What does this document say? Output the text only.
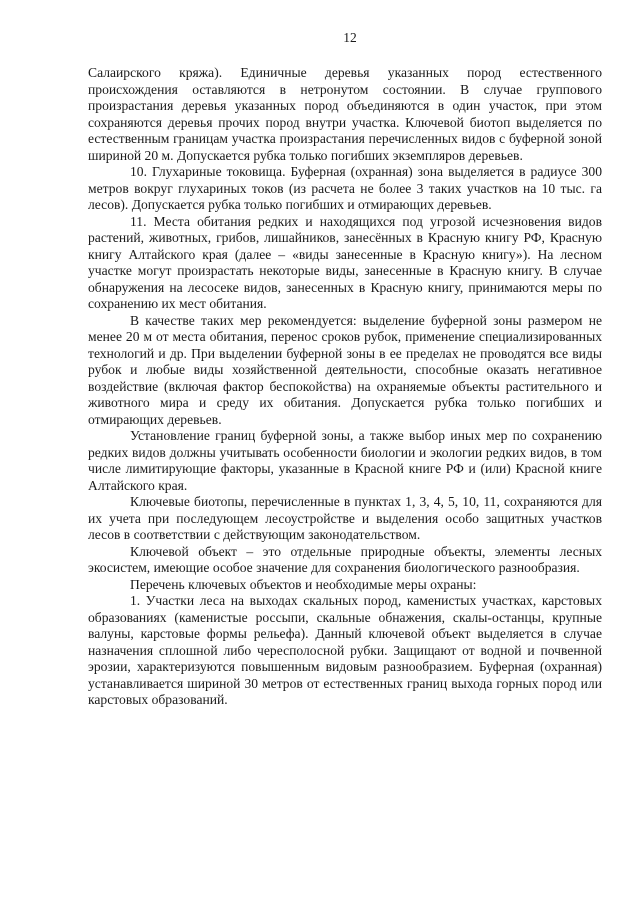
12

Салаирского кряжа). Единичные деревья указанных пород естественного происхождения оставляются в нетронутом состоянии. В случае группового произрастания деревья указанных пород объединяются в один участок, при этом сохраняются деревья прочих пород внутри участка. Ключевой биотоп выделяется по естественным границам участка произрастания перечисленных видов с буферной зоной шириной 20 м. Допускается рубка только погибших экземпляров деревьев.

10. Глухариные токовища. Буферная (охранная) зона выделяется в радиусе 300 метров вокруг глухариных токов (из расчета не более 3 таких участков на 10 тыс. га лесов). Допускается рубка только погибших и отмирающих деревьев.

11. Места обитания редких и находящихся под угрозой исчезновения видов растений, животных, грибов, лишайников, занесённых в Красную книгу РФ, Красную книгу Алтайского края (далее – «виды занесенные в Красную книгу»). На лесном участке могут произрастать некоторые виды, занесенные в Красную книгу. В случае обнаружения на лесосеке видов, занесенных в Красную книгу, принимаются меры по сохранению их мест обитания.

В качестве таких мер рекомендуется: выделение буферной зоны размером не менее 20 м от места обитания, перенос сроков рубок, применение специализированных технологий и др. При выделении буферной зоны в ее пределах не проводятся все виды рубок и любые виды хозяйственной деятельности, способные оказать негативное воздействие (включая фактор беспокойства) на охраняемые объекты растительного и животного мира и среду их обитания. Допускается рубка только погибших и отмирающих деревьев.

Установление границ буферной зоны, а также выбор иных мер по сохранению редких видов должны учитывать особенности биологии и экологии редких видов, в том числе лимитирующие факторы, указанные в Красной книге РФ и (или) Красной книге Алтайского края.

Ключевые биотопы, перечисленные в пунктах 1, 3, 4, 5, 10, 11, сохраняются для их учета при последующем лесоустройстве и выделения особо защитных участков лесов в соответствии с действующим законодательством.

Ключевой объект – это отдельные природные объекты, элементы лесных экосистем, имеющие особое значение для сохранения биологического разнообразия.

Перечень ключевых объектов и необходимые меры охраны:

1. Участки леса на выходах скальных пород, каменистых участках, карстовых образованиях (каменистые россыпи, скальные обнажения, скалы-останцы, крупные валуны, карстовые формы рельефа). Данный ключевой объект выделяется в случае назначения сплошной либо чересполосной рубки. Защищают от водной и почвенной эрозии, характеризуются повышенным видовым разнообразием. Буферная (охранная) устанавливается шириной 30 метров от естественных границ выхода горных пород или карстовых образований.
